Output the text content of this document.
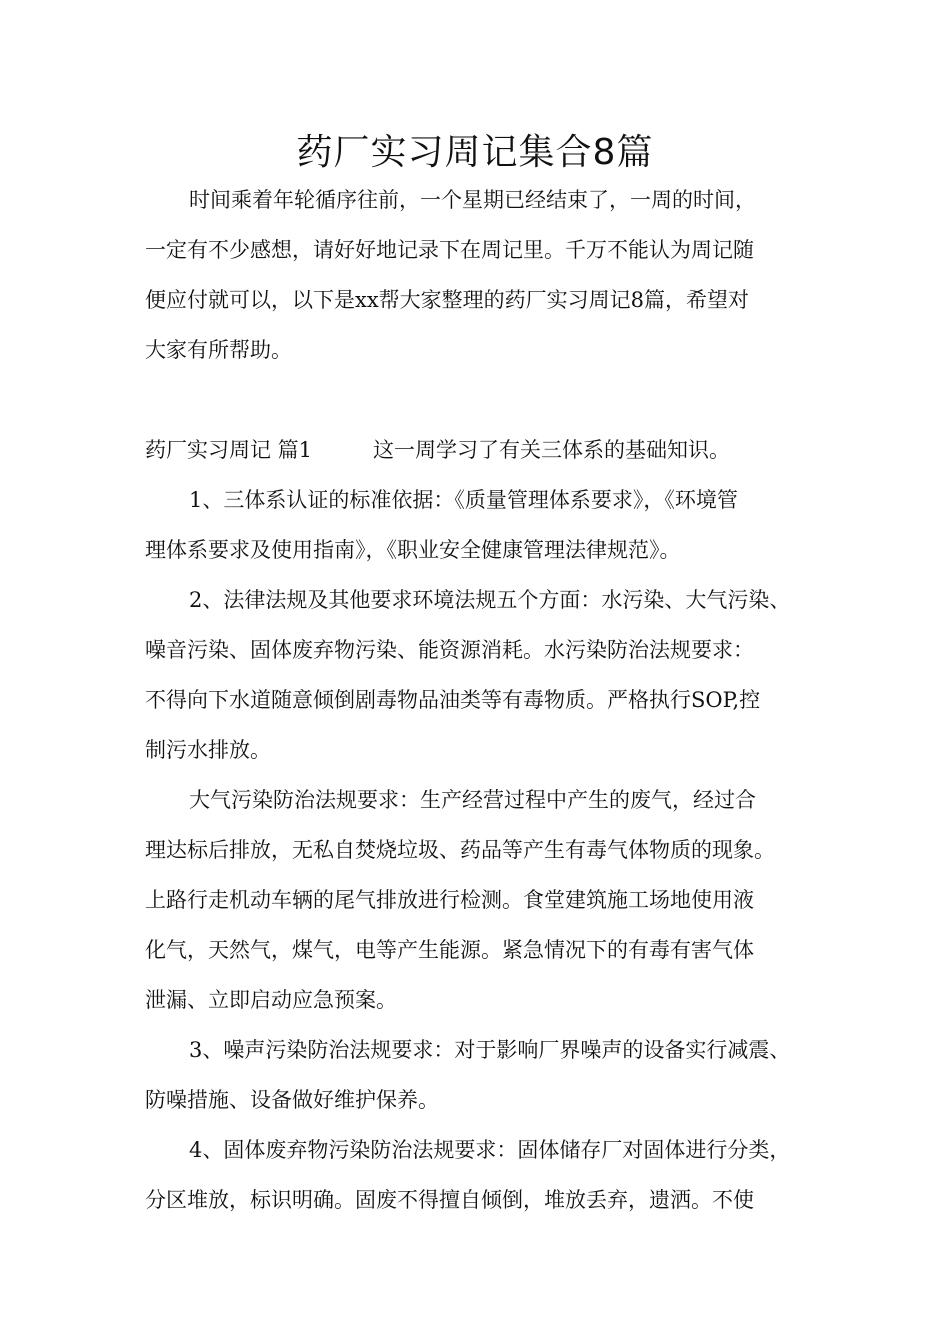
药厂实习周记集合8篇

时间乘着年轮循序往前，一个星期已经结束了，一周的时间，

一定有不少感想，请好好地记录下在周记里。千万不能认为周记随

便应付就可以，以下是xx帮大家整理的药厂实习周记8篇，希望对

大家有所帮助。

药厂实习周记 篇1	这一周学习了有关三体系的基础知识。

1、三体系认证的标准依据：《质量管理体系要求》，《环境管

理体系要求及使用指南》，《职业安全健康管理法律规范》。

2、法律法规及其他要求环境法规五个方面：水污染、大气污染、

噪音污染、固体废弃物污染、能资源消耗。水污染防治法规要求：

不得向下水道随意倾倒剧毒物品油类等有毒物质。严格执行SOP,控

制污水排放。

大气污染防治法规要求：生产经营过程中产生的废气，经过合

理达标后排放，无私自焚烧垃圾、药品等产生有毒气体物质的现象。

上路行走机动车辆的尾气排放进行检测。食堂建筑施工场地使用液

化气，天然气，煤气，电等产生能源。紧急情况下的有毒有害气体

泄漏、立即启动应急预案。

3、噪声污染防治法规要求：对于影响厂界噪声的设备实行减震、

防噪措施、设备做好维护保养。

4、固体废弃物污染防治法规要求：固体储存厂对固体进行分类，

分区堆放，标识明确。固废不得擅自倾倒，堆放丢弃，遗洒。不使
